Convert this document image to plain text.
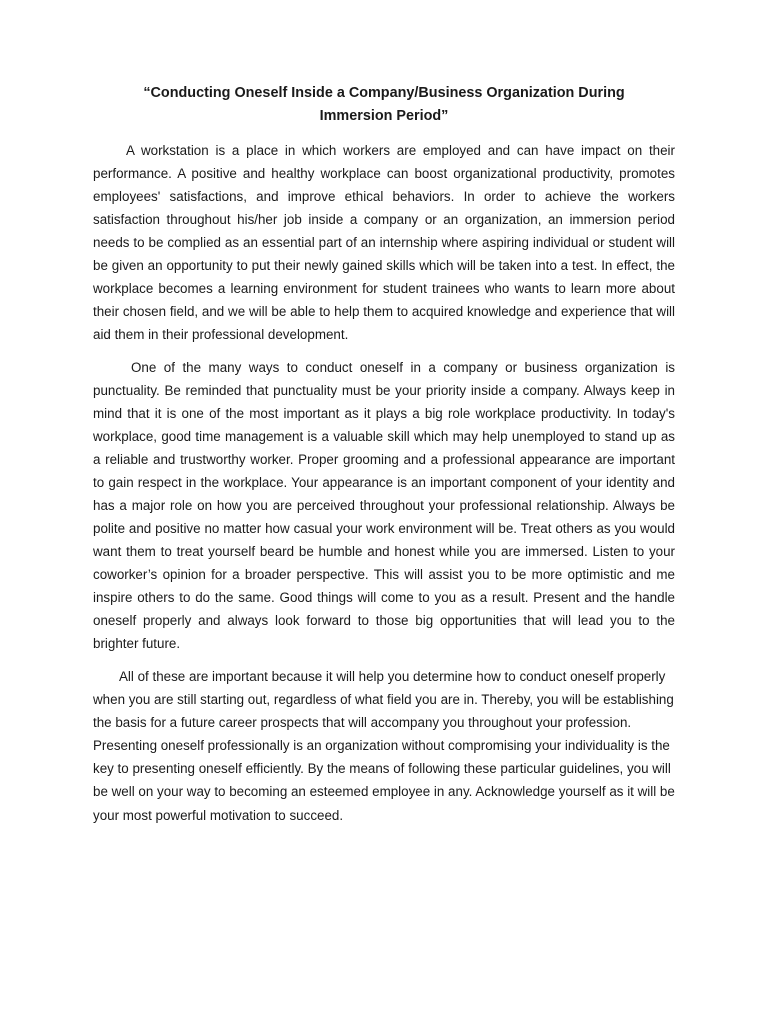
“Conducting Oneself Inside a Company/Business Organization During Immersion Period”

A workstation is a place in which workers are employed and can have impact on their performance. A positive and healthy workplace can boost organizational productivity, promotes employees' satisfactions, and improve ethical behaviors. In order to achieve the workers satisfaction throughout his/her job inside a company or an organization, an immersion period needs to be complied as an essential part of an internship where aspiring individual or student will be given an opportunity to put their newly gained skills which will be taken into a test. In effect, the workplace becomes a learning environment for student trainees who wants to learn more about their chosen field, and we will be able to help them to acquired knowledge and experience that will aid them in their professional development.

One of the many ways to conduct oneself in a company or business organization is punctuality. Be reminded that punctuality must be your priority inside a company. Always keep in mind that it is one of the most important as it plays a big role workplace productivity. In today's workplace, good time management is a valuable skill which may help unemployed to stand up as a reliable and trustworthy worker. Proper grooming and a professional appearance are important to gain respect in the workplace. Your appearance is an important component of your identity and has a major role on how you are perceived throughout your professional relationship. Always be polite and positive no matter how casual your work environment will be. Treat others as you would want them to treat yourself beard be humble and honest while you are immersed. Listen to your coworker’s opinion for a broader perspective. This will assist you to be more optimistic and me inspire others to do the same. Good things will come to you as a result. Present and the handle oneself properly and always look forward to those big opportunities that will lead you to the brighter future.

All of these are important because it will help you determine how to conduct oneself properly when you are still starting out, regardless of what field you are in. Thereby, you will be establishing the basis for a future career prospects that will accompany you throughout your profession. Presenting oneself professionally is an organization without compromising your individuality is the key to presenting oneself efficiently. By the means of following these particular guidelines, you will be well on your way to becoming an esteemed employee in any. Acknowledge yourself as it will be your most powerful motivation to succeed.
